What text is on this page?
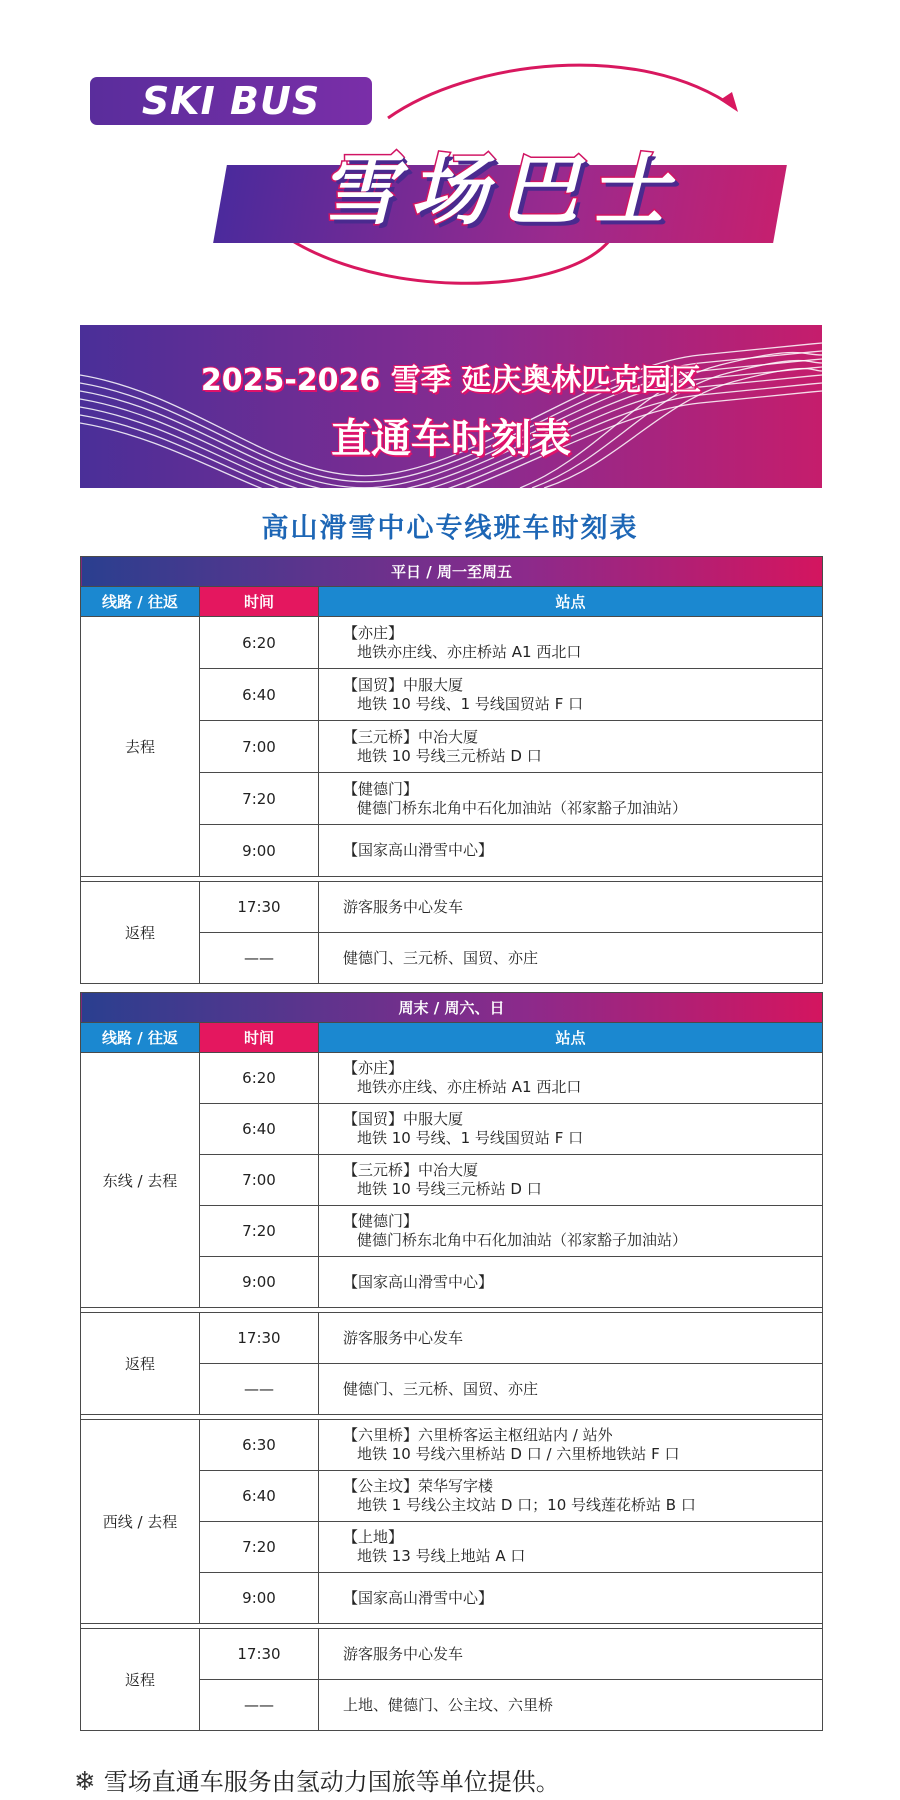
SKI BUS
雪场巴士
2025-2026 雪季 延庆奥林匹克园区
直通车时刻表
高山滑雪中心专线班车时刻表
平日 / 周一至周五		
线路 / 往返	时间	站点
去程	6:20	【亦庄】
地铁亦庄线、亦庄桥站 A1 西北口

	6:40	【国贸】中服大厦
地铁 10 号线、1 号线国贸站 F 口

	7:00	【三元桥】中冶大厦
地铁 10 号线三元桥站 D 口

	7:20	【健德门】
健德门桥东北角中石化加油站（祁家豁子加油站）

	9:00	【国家高山滑雪中心】

返程	17:30	游客服务中心发车
	——	健德门、三元桥、国贸、亦庄
周末 / 周六、日		
线路 / 往返	时间	站点
东线 / 去程	6:20	【亦庄】
地铁亦庄线、亦庄桥站 A1 西北口

	6:40	【国贸】中服大厦
地铁 10 号线、1 号线国贸站 F 口

	7:00	【三元桥】中冶大厦
地铁 10 号线三元桥站 D 口

	7:20	【健德门】
健德门桥东北角中石化加油站（祁家豁子加油站）

	9:00	【国家高山滑雪中心】

返程	17:30	游客服务中心发车
	——	健德门、三元桥、国贸、亦庄

西线 / 去程	6:30	【六里桥】六里桥客运主枢纽站内 / 站外
地铁 10 号线六里桥站 D 口 / 六里桥地铁站 F 口

	6:40	【公主坟】荣华写字楼
地铁 1 号线公主坟站 D 口；10 号线莲花桥站 B 口

	7:20	【上地】
地铁 13 号线上地站 A 口

	9:00	【国家高山滑雪中心】

返程	17:30	游客服务中心发车
	——	上地、健德门、公主坟、六里桥
❄ 雪场直通车服务由氢动力国旅等单位提供。
